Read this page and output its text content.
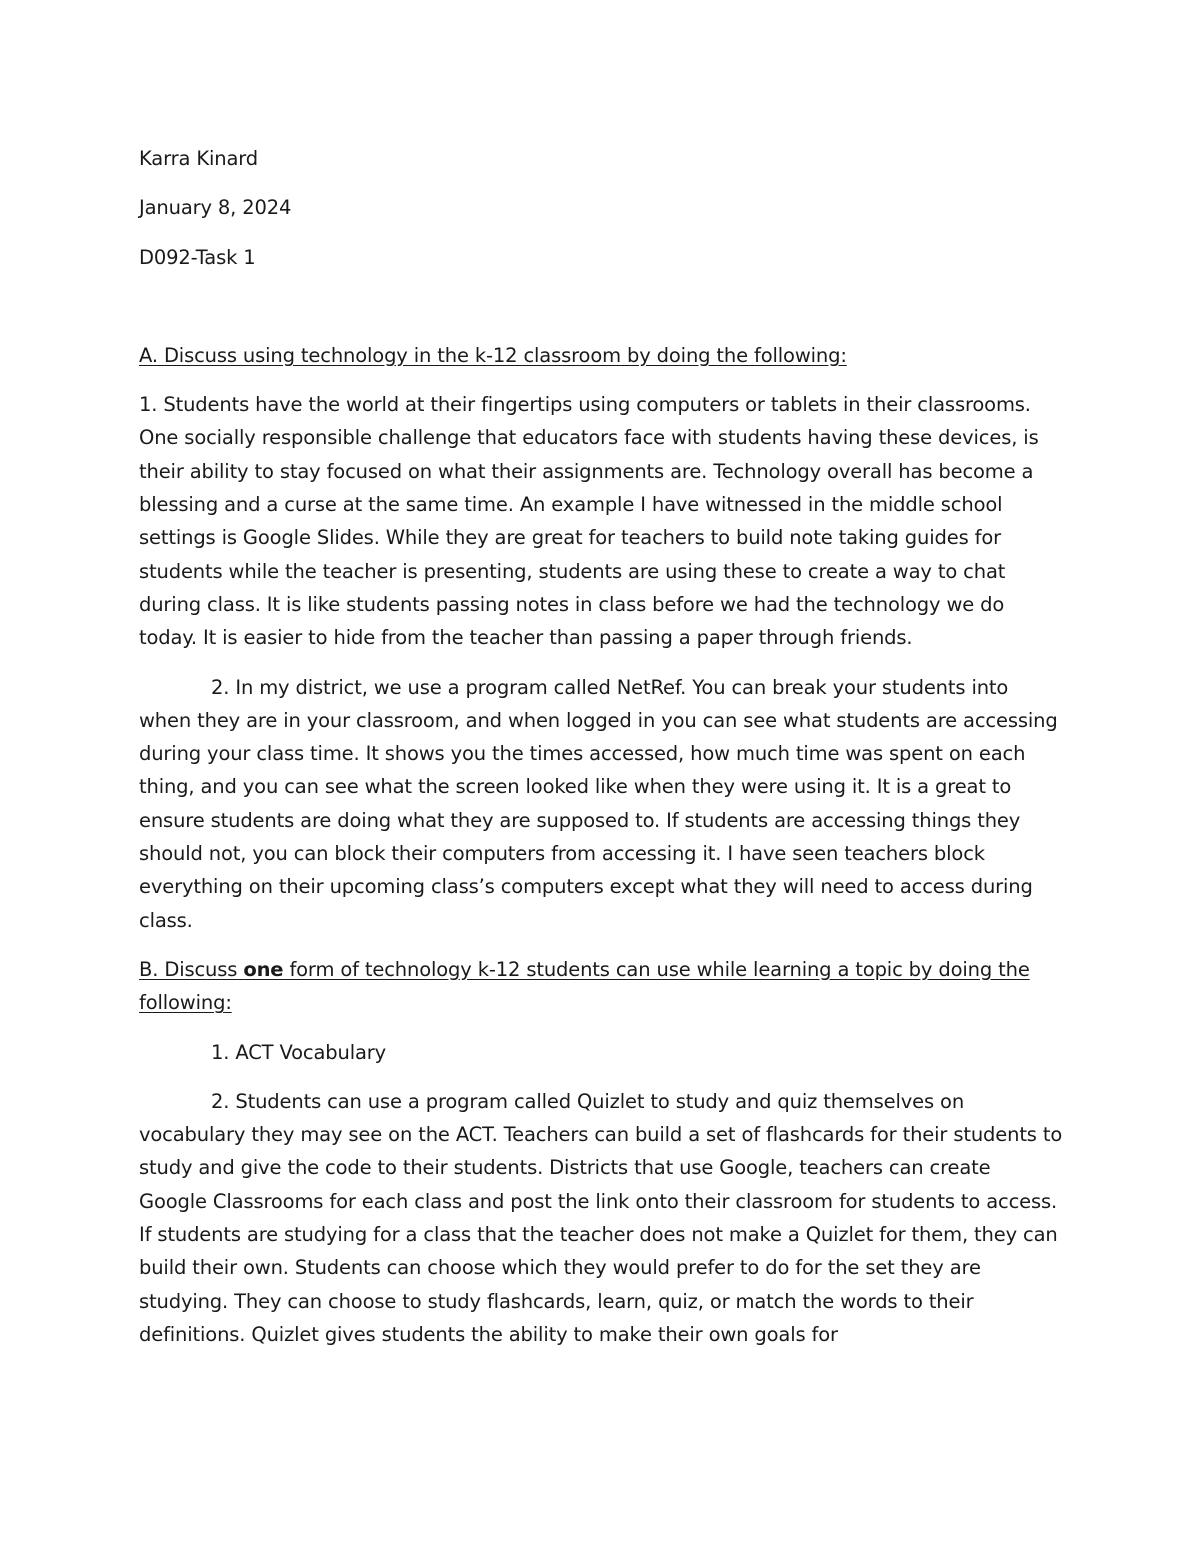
Karra Kinard
January 8, 2024
D092-Task 1
A. Discuss using technology in the k-12 classroom by doing the following:
1. Students have the world at their fingertips using computers or tablets in their classrooms. One socially responsible challenge that educators face with students having these devices, is their ability to stay focused on what their assignments are. Technology overall has become a blessing and a curse at the same time. An example I have witnessed in the middle school settings is Google Slides. While they are great for teachers to build note taking guides for students while the teacher is presenting, students are using these to create a way to chat during class. It is like students passing notes in class before we had the technology we do today. It is easier to hide from the teacher than passing a paper through friends.
2. In my district, we use a program called NetRef. You can break your students into when they are in your classroom, and when logged in you can see what students are accessing during your class time. It shows you the times accessed, how much time was spent on each thing, and you can see what the screen looked like when they were using it. It is a great to ensure students are doing what they are supposed to. If students are accessing things they should not, you can block their computers from accessing it. I have seen teachers block everything on their upcoming class’s computers except what they will need to access during class.
B. Discuss one form of technology k-12 students can use while learning a topic by doing the following:
1. ACT Vocabulary
2. Students can use a program called Quizlet to study and quiz themselves on vocabulary they may see on the ACT. Teachers can build a set of flashcards for their students to study and give the code to their students. Districts that use Google, teachers can create Google Classrooms for each class and post the link onto their classroom for students to access. If students are studying for a class that the teacher does not make a Quizlet for them, they can build their own. Students can choose which they would prefer to do for the set they are studying. They can choose to study flashcards, learn, quiz, or match the words to their definitions. Quizlet gives students the ability to make their own goals for
